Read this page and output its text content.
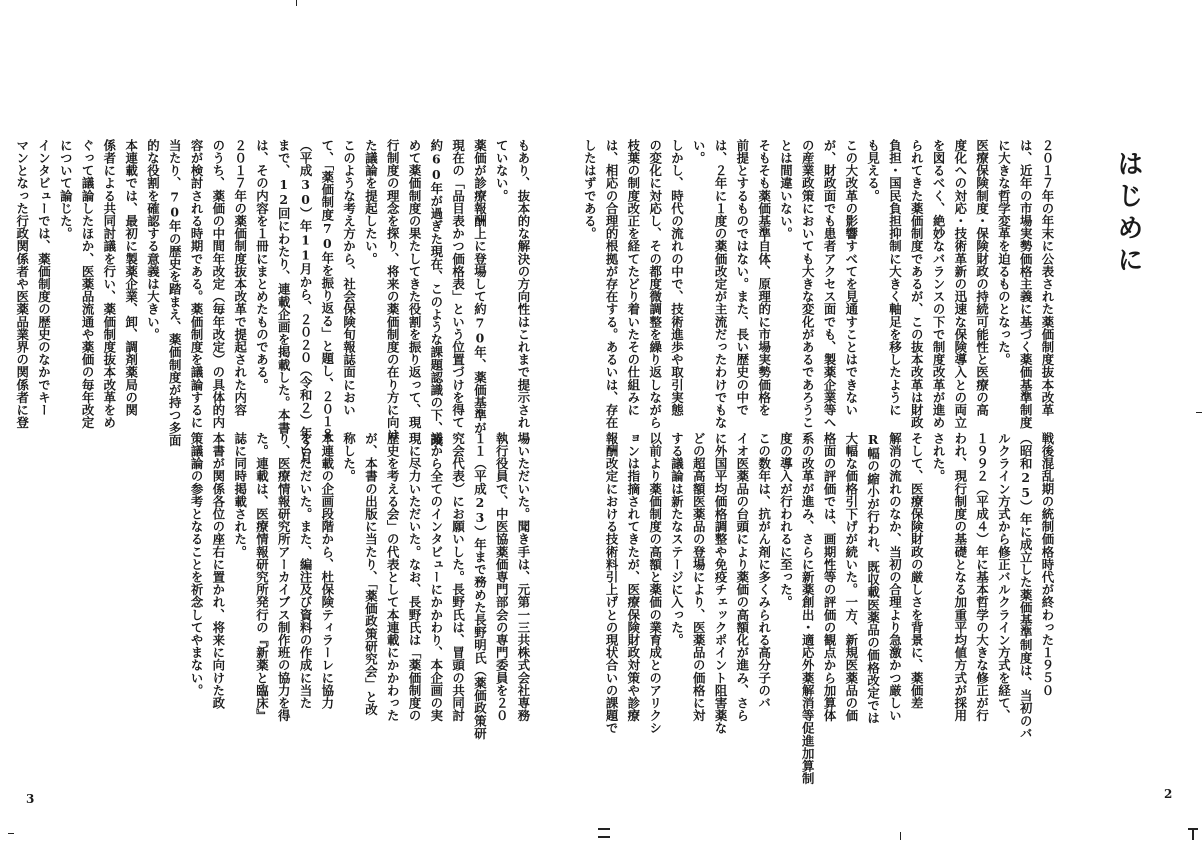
もあり、抜本的な解決の方向性はこれまで提示され

ていない。

薬価が診療報酬上に登場して約70年、薬価基準が

現在の「品目表かつ価格表」という位置づけを得て

約60年が過ぎた現在、このような課題認識の下、改

めて薬価制度の果たしてきた役割を振り返って、現

行制度の理念を探り、将来の薬価制度の在り方に向け

た議論を提起したい。

このような考え方から、社会保険旬報誌面におい

て、「薬価制度70年を振り返る」と題し、２０１８

（平成30）年11月から、２０２０（令和２）年２月

まで、12回にわたり、連載企画を掲載した。本書

は、その内容を１冊にまとめたものである。

２０１７年の薬価制度抜本改革で提起された内容

のうち、薬価の中間年改定（毎年改定）の具体的内

容が検討される時期である。薬価制度を議論するに

当たり、70年の歴史を踏まえ、薬価制度が持つ多面

的な役割を確認する意義は大きい。

本連載では、最初に製薬企業、卸、調剤薬局の関

係者による共同討議を行い、薬価制度抜本改革をめ

ぐって議論したほか、医薬品流通や薬価の毎年改定

について論じた。

インタビューでは、薬価制度の歴史のなかでキー

マンとなった行政関係者や医薬品業界の関係者に登

場いただいた。聞き手は、元第一三共株式会社専務

執行役員で、中医協薬価専門部会の専門委員を２０

１１（平成23）年まで務めた長野明氏（薬価政策研

究会代表）にお願いした。長野氏は、冒頭の共同討

議から全てのインタビューにかかわり、本企画の実

現に尽力いただいた。なお、長野氏は「薬価制度の

歴史を考える会」の代表として本連載にかかわった

が、本書の出版に当たり、「薬価政策研究会」と改

称した。

本連載の企画段階から、杜保険ティラーレに協力

をいただいた。また、編注及び資料の作成に当た

り、医療情報研究所アーカイブス制作班の協力を得

た。連載は、医療情報研究所発行の『新薬と臨床』

誌に同時掲載された。

本書が関係各位の座右に置かれ、将来に向けた政

策議論の参考となることを祈念してやまない。

3
はじめに

２０１７年の年末に公表された薬価制度抜本改革

は、近年の市場実勢価格主義に基づく薬価基準制度

に大きな哲学変革を迫るものとなった。

医療保険制度・保険財政の持続可能性と医療の高

度化への対応・技術革新の迅速な保険導入との両立

を図るべく、絶妙なバランスの下で制度改革が進め

られてきた薬価制度であるが、この抜本改革は財政

負担・国民負担抑制に大きく軸足を移したように

も見える。

この大改革の影響すべてを見通すことはできない

が、財政面でも患者アクセス面でも、製薬企業等へ

の産業政策においても大きな変化があるであろうこ

とは間違いない。

そもそも薬価基準自体、原理的に市場実勢価格を

前提とするものではない。また、長い歴史の中で

は、２年に１度の薬価改定が主流だったわけでもな

い。

しかし、時代の流れの中で、技術進歩や取引実態

の変化に対応し、その都度微調整を繰り返しながら

枝葉の制度改正を経てたどり着いたその仕組みに

は、相応の合理的根拠が存在する。あるいは、存在

したはずである。

戦後混乱期の統制価格時代が終わった１９５０

（昭和25）年に成立した薬価基準制度は、当初のバ

ルクライン方式から修正バルクライン方式を経て、

１９９２（平成４）年に基本哲学の大きな修正が行

われ、現行制度の基礎となる加重平均値方式が採用

された。

そして、医療保険財政の厳しさを背景に、薬価差

解消の流れのなか、当初の合理より急激かつ厳しい

R幅の縮小が行われ、既収載医薬品の価格改定では

大幅な価格引下げが続いた。一方、新規医薬品の価

格面の評価では、画期性等の評価の観点から加算体

系の改革が進み、さらに新薬創出・適応外薬解消等促進加算制

度の導入が行われるに至った。

この数年は、抗がん剤に多くみられる高分子のバ

イオ医薬品の台頭により薬価の高額化が進み、さら

に外国平均価格調整や免疫チェックポイント阻害薬な

どの超高額医薬品の登場により、医薬品の価格に対

する議論は新たなステージに入った。

以前より薬価制度の高額と薬価の業育成とのアリクシ

ョンは指摘されてきたが、医療保険財政対策や診療

報酬改定における技術料引上げとの現状合いの課題で

2
